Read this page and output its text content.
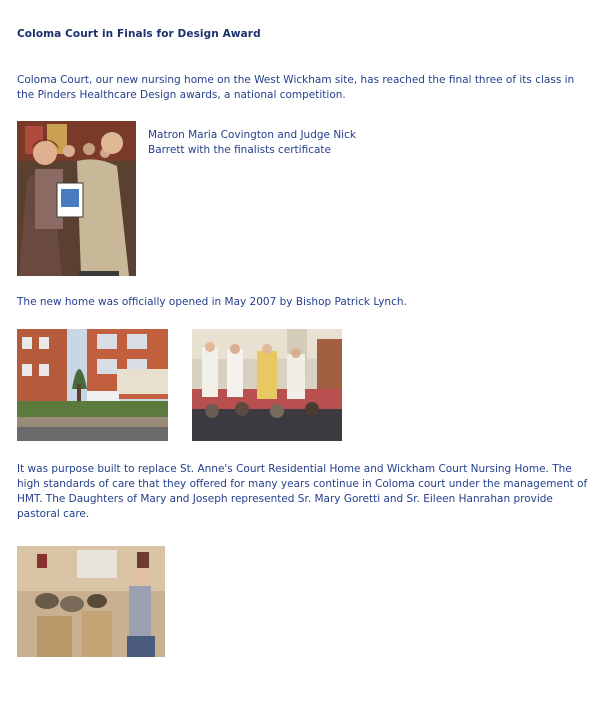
Coloma Court in Finals for Design Award
Coloma Court, our new nursing home on the West Wickham site, has reached the final three of its class in the Pinders Healthcare Design awards, a national competition.
Matron Maria Covington and Judge Nick Barrett with the finalists certificate
The new home was officially opened in May 2007 by Bishop Patrick Lynch.
It was purpose built to replace St. Anne's Court Residential Home and Wickham Court Nursing Home. The high standards of care that they offered for many years continue in Coloma court under the management of HMT. The Daughters of Mary and Joseph represented Sr. Mary Goretti and Sr. Eileen Hanrahan provide pastoral care.
